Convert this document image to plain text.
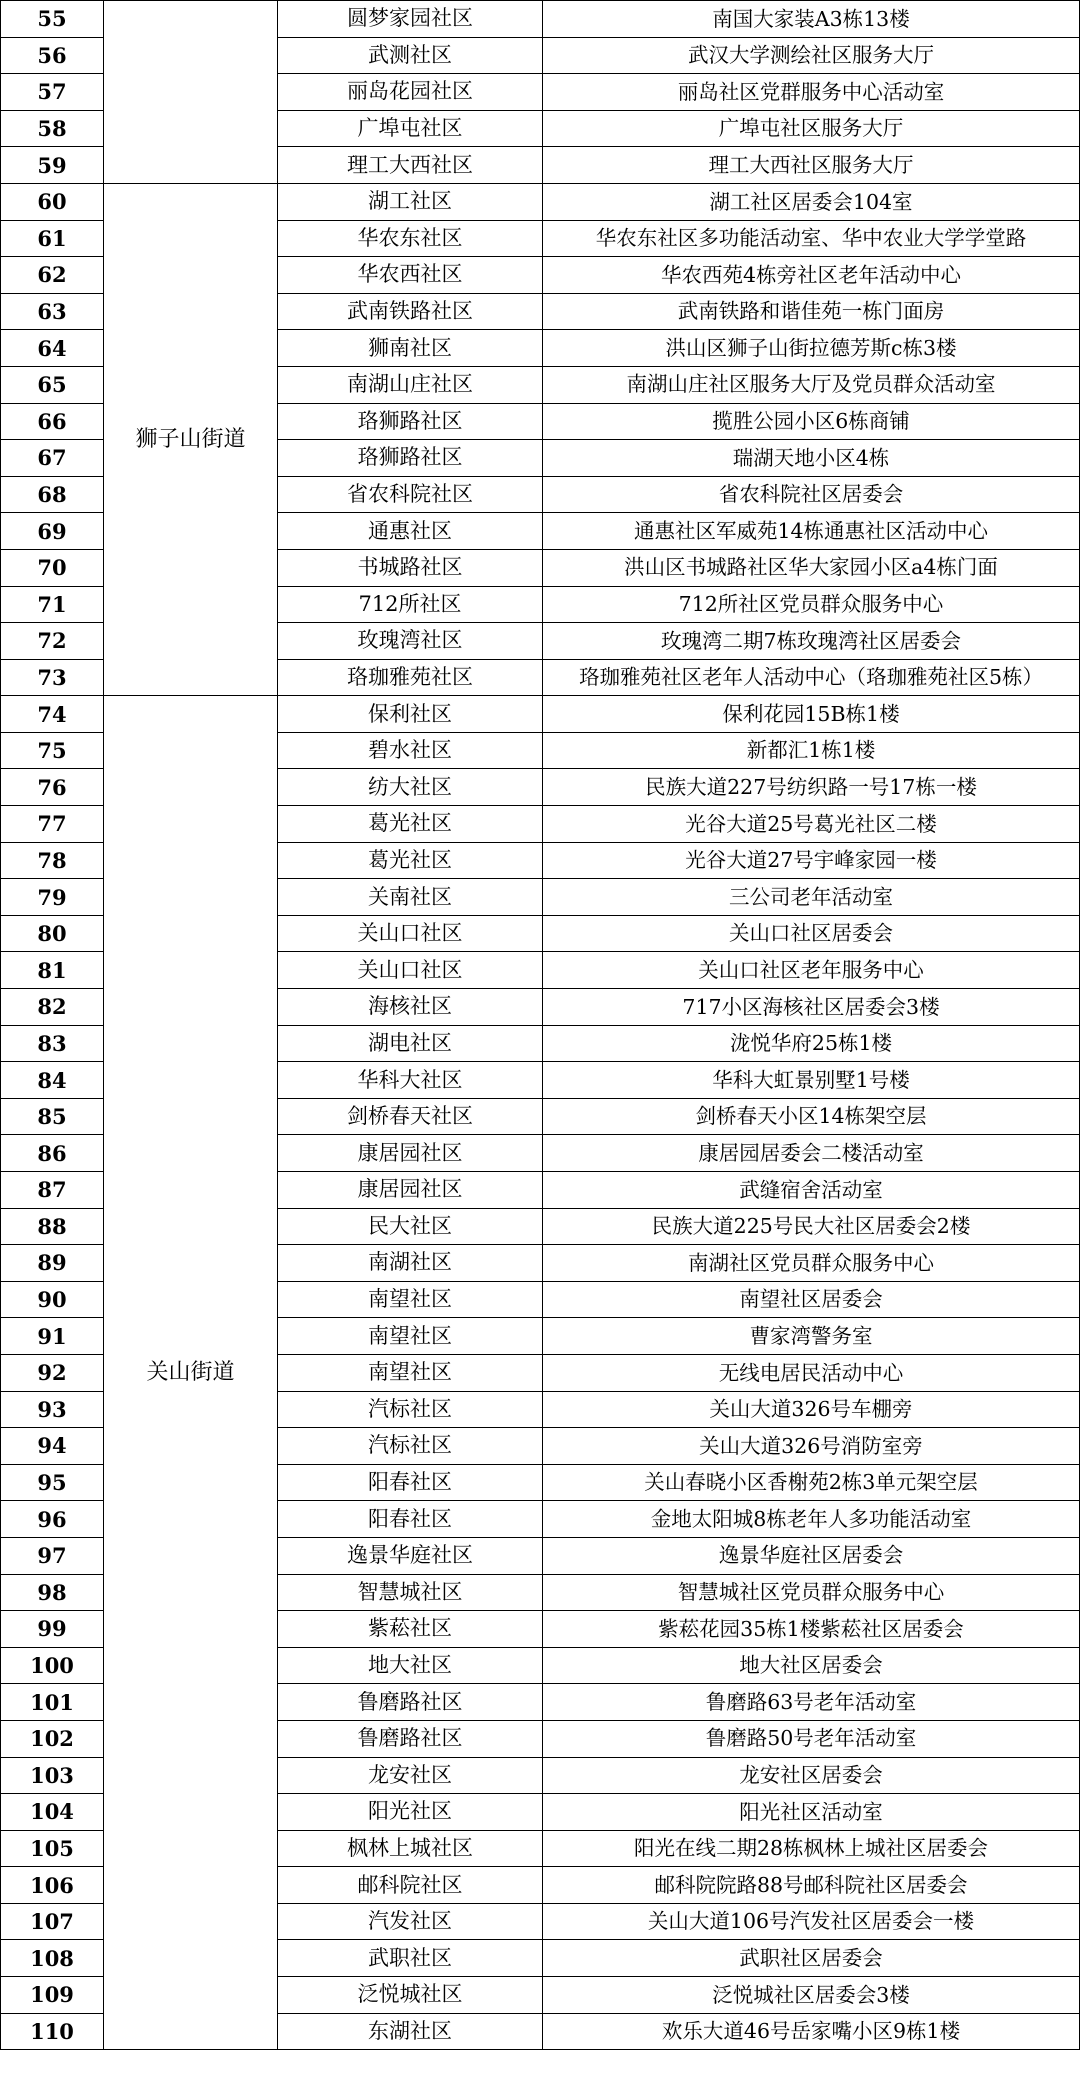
55		圆梦家园社区	南国大家装A3栋13楼
56		武测社区	武汉大学测绘社区服务大厅
57		丽岛花园社区	丽岛社区党群服务中心活动室
58		广埠屯社区	广埠屯社区服务大厅
59		理工大西社区	理工大西社区服务大厅
60	狮子山街道	湖工社区	湖工社区居委会104室
61		华农东社区	华农东社区多功能活动室、华中农业大学学堂路
62		华农西社区	华农西苑4栋旁社区老年活动中心
63		武南铁路社区	武南铁路和谐佳苑一栋门面房
64		狮南社区	洪山区狮子山街拉德芳斯c栋3楼
65		南湖山庄社区	南湖山庄社区服务大厅及党员群众活动室
66		珞狮路社区	揽胜公园小区6栋商铺
67		珞狮路社区	瑞湖天地小区4栋
68		省农科院社区	省农科院社区居委会
69		通惠社区	通惠社区军威苑14栋通惠社区活动中心
70		书城路社区	洪山区书城路社区华大家园小区a4栋门面
71		712所社区	712所社区党员群众服务中心
72		玫瑰湾社区	玫瑰湾二期7栋玫瑰湾社区居委会
73		珞珈雅苑社区	珞珈雅苑社区老年人活动中心（珞珈雅苑社区5栋）
74	关山街道	保利社区	保利花园15B栋1楼
75		碧水社区	新都汇1栋1楼
76		纺大社区	民族大道227号纺织路一号17栋一楼
77		葛光社区	光谷大道25号葛光社区二楼
78		葛光社区	光谷大道27号宇峰家园一楼
79		关南社区	三公司老年活动室
80		关山口社区	关山口社区居委会
81		关山口社区	关山口社区老年服务中心
82		海核社区	717小区海核社区居委会3楼
83		湖电社区	泷悦华府25栋1楼
84		华科大社区	华科大虹景别墅1号楼
85		剑桥春天社区	剑桥春天小区14栋架空层
86		康居园社区	康居园居委会二楼活动室
87		康居园社区	武缝宿舍活动室
88		民大社区	民族大道225号民大社区居委会2楼
89		南湖社区	南湖社区党员群众服务中心
90		南望社区	南望社区居委会
91		南望社区	曹家湾警务室
92		南望社区	无线电居民活动中心
93		汽标社区	关山大道326号车棚旁
94		汽标社区	关山大道326号消防室旁
95		阳春社区	关山春晓小区香榭苑2栋3单元架空层
96		阳春社区	金地太阳城8栋老年人多功能活动室
97		逸景华庭社区	逸景华庭社区居委会
98		智慧城社区	智慧城社区党员群众服务中心
99		紫菘社区	紫菘花园35栋1楼紫菘社区居委会
100		地大社区	地大社区居委会
101		鲁磨路社区	鲁磨路63号老年活动室
102		鲁磨路社区	鲁磨路50号老年活动室
103		龙安社区	龙安社区居委会
104		阳光社区	阳光社区活动室
105		枫林上城社区	阳光在线二期28栋枫林上城社区居委会
106		邮科院社区	邮科院院路88号邮科院社区居委会
107		汽发社区	关山大道106号汽发社区居委会一楼
108		武职社区	武职社区居委会
109		泛悦城社区	泛悦城社区居委会3楼
110		东湖社区	欢乐大道46号岳家嘴小区9栋1楼
